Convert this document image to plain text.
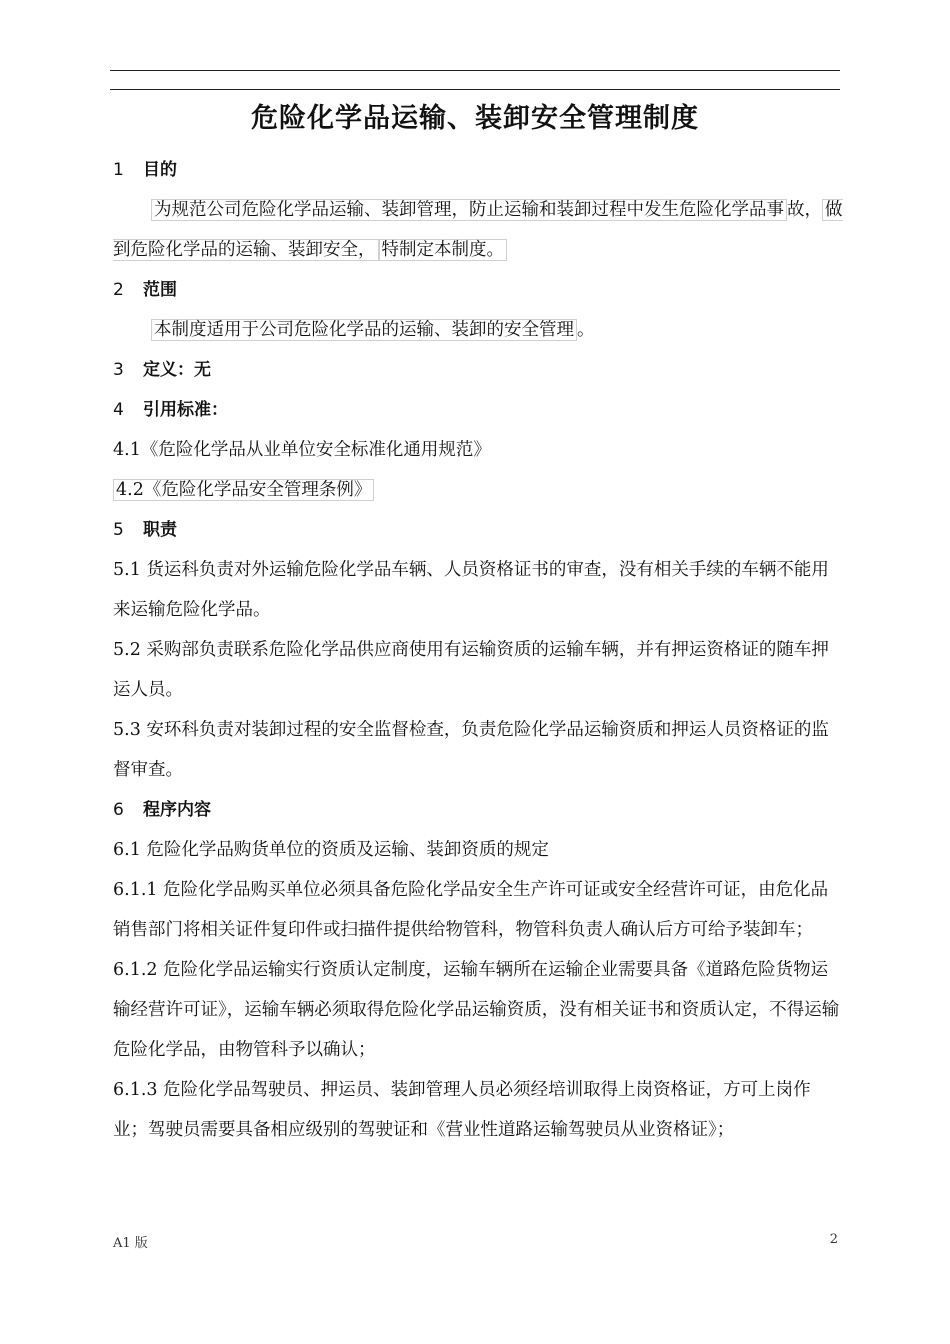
危险化学品运输、装卸安全管理制度

1 目的

为规范公司危险化学品运输、装卸管理，防止运输和装卸过程中发生危险化学品事 故， 做到危险化学品的运输、装卸安全， 特制定本制度。

2 范围

本制度适用于公司危险化学品的运输、装卸的安全管理 。

3 定义：无

4 引用标准：

4.1《危险化学品从业单位安全标准化通用规范》

4.2《危险化学品安全管理条例》

5 职责

5.1 货运科负责对外运输危险化学品车辆、人员资格证书的审查，没有相关手续的车辆不能用来运输危险化学品。

5.2 采购部负责联系危险化学品供应商使用有运输资质的运输车辆，并有押运资格证的随车押运人员。

5.3 安环科负责对装卸过程的安全监督检查，负责危险化学品运输资质和押运人员资格证的监督审查。

6 程序内容

6.1 危险化学品购货单位的资质及运输、装卸资质的规定

6.1.1 危险化学品购买单位必须具备危险化学品安全生产许可证或安全经营许可证，由危化品销售部门将相关证件复印件或扫描件提供给物管科，物管科负责人确认后方可给予装卸车；

6.1.2 危险化学品运输实行资质认定制度，运输车辆所在运输企业需要具备《道路危险货物运输经营许可证》，运输车辆必须取得危险化学品运输资质，没有相关证书和资质认定，不得运输危险化学品，由物管科予以确认；

6.1.3 危险化学品驾驶员、押运员、装卸管理人员必须经培训取得上岗资格证，方可上岗作业；驾驶员需要具备相应级别的驾驶证和《营业性道路运输驾驶员从业资格证》；

A1 版	2
